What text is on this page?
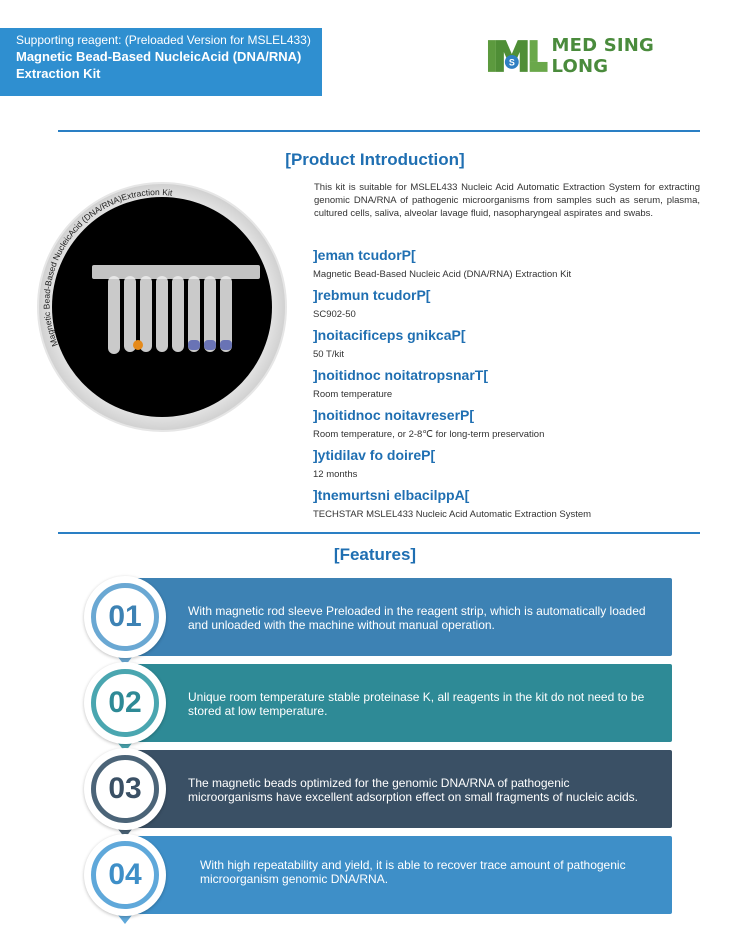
Supporting reagent: (Preloaded Version for MSLEL433)
Magnetic Bead-Based NucleicAcid (DNA/RNA)
Extraction Kit
S
MED SING LONG
[Product Introduction]
Magnetic Bead-Based NucleicAcid (DNA/RNA)Extraction Kit	This kit is suitable for MSLEL433 Nucleic Acid Automatic Extraction System for extracting genomic DNA/RNA of pathogenic microorganisms from samples such as serum, plasma, cultured cells, saliva, alveolar lavage fluid, nasopharyngeal aspirates and swabs.
]eman tcudorP[
Magnetic Bead-Based Nucleic Acid (DNA/RNA) Extraction Kit
]rebmun tcudorP[
SC902-50
]noitacificeps gnikcaP[
50 T/kit
]noitidnoc noitatropsnarT[
Room temperature
]noitidnoc noitavreserP[
Room temperature, or 2-8℃ for long-term preservation
]ytidilav fo doireP[
12 months
]tnemurtsni elbacilppA[
TECHSTAR MSLEL433 Nucleic Acid Automatic Extraction System
[Features]
With magnetic rod sleeve Preloaded in the reagent strip, which is automatically loaded and unloaded with the machine without manual operation.
01
Unique room temperature stable proteinase K, all reagents in the kit do not need to be stored at low temperature.
02
The magnetic beads optimized for the genomic DNA/RNA of pathogenic microorganisms have excellent adsorption effect on small fragments of nucleic acids.
03
With high repeatability and yield, it is able to recover trace amount of pathogenic microorganism genomic DNA/RNA.
04
